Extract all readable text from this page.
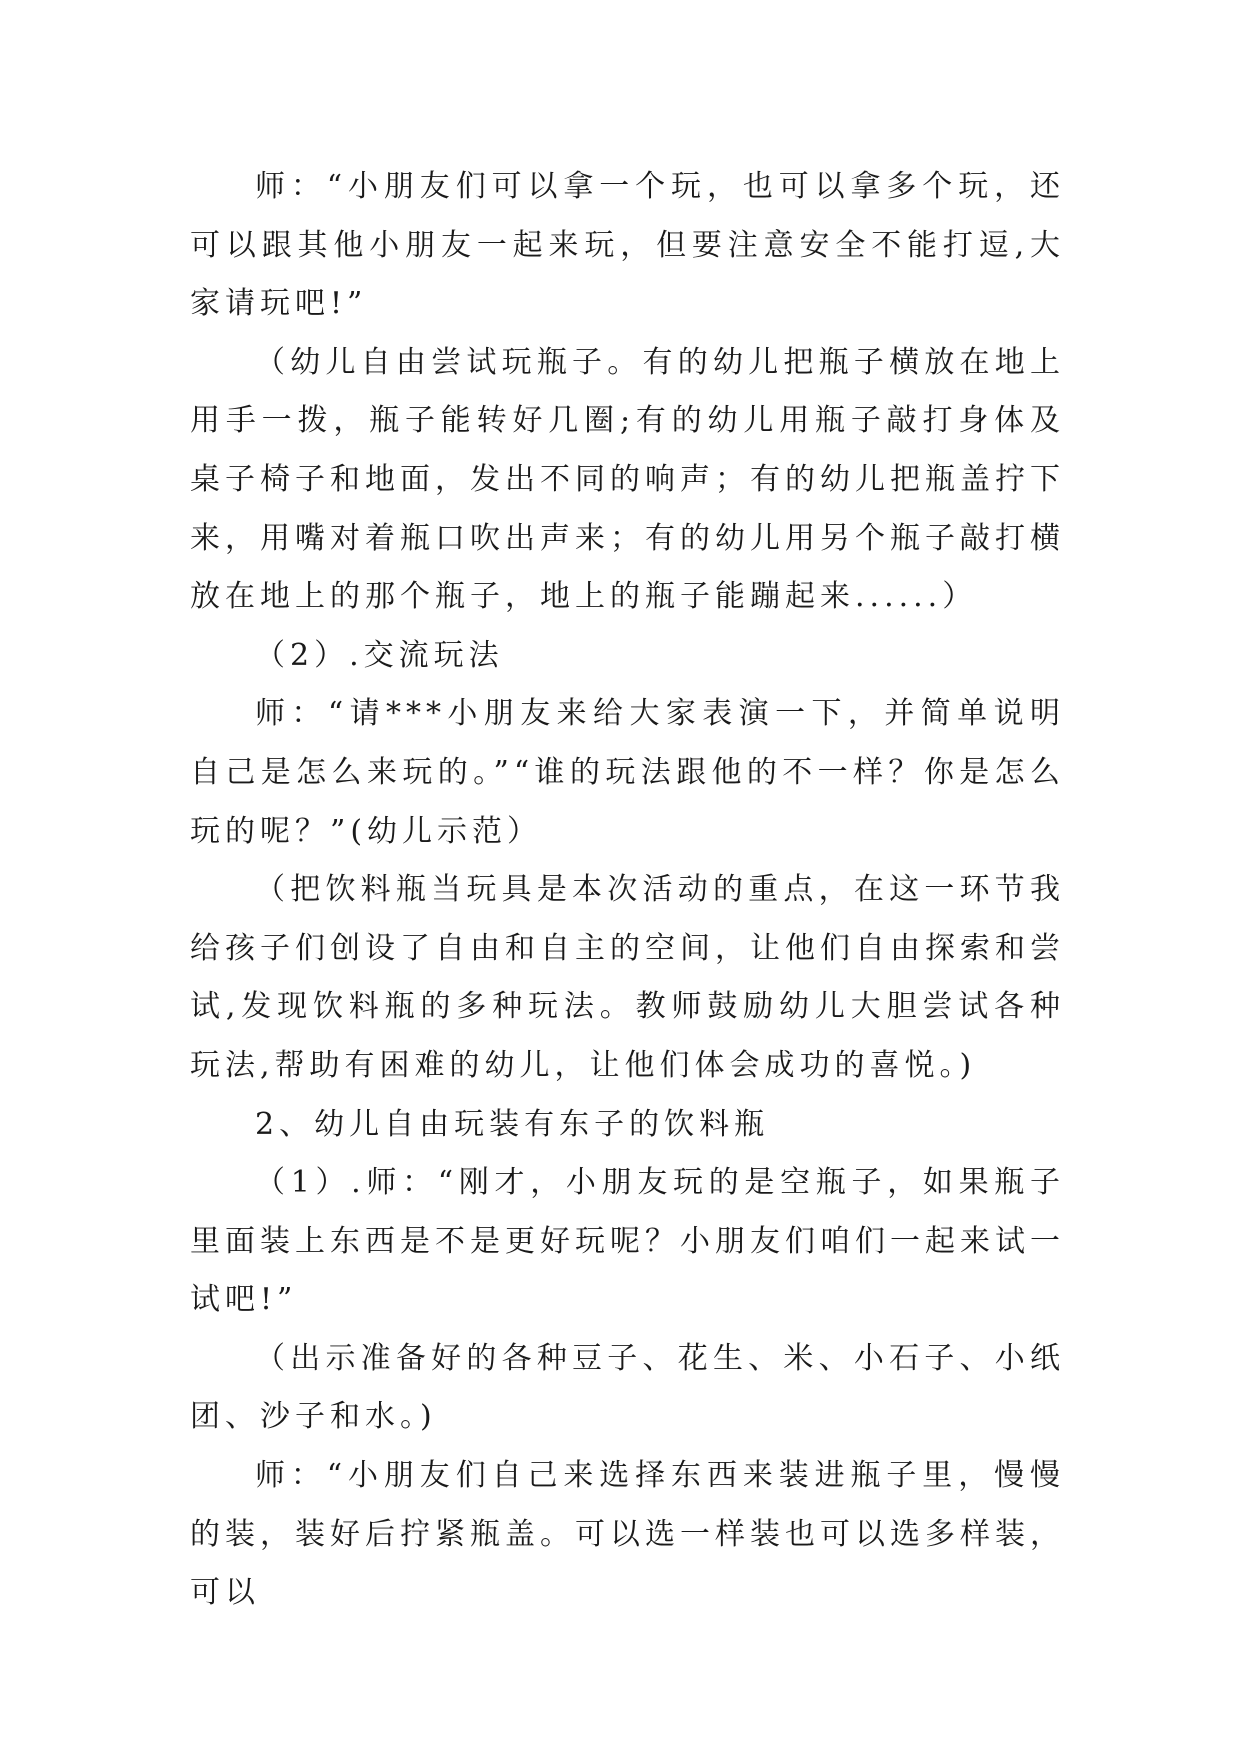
师：“小朋友们可以拿一个玩，也可以拿多个玩，还可以跟其他小朋友一起来玩，但要注意安全不能打逗,大家请玩吧!”

（幼儿自由尝试玩瓶子。有的幼儿把瓶子横放在地上用手一拨，瓶子能转好几圈;有的幼儿用瓶子敲打身体及桌子椅子和地面，发出不同的响声；有的幼儿把瓶盖拧下来，用嘴对着瓶口吹出声来；有的幼儿用另个瓶子敲打横放在地上的那个瓶子，地上的瓶子能蹦起来......）

（2）.交流玩法

师：“请***小朋友来给大家表演一下，并简单说明自己是怎么来玩的。”“谁的玩法跟他的不一样？你是怎么玩的呢？”(幼儿示范）

（把饮料瓶当玩具是本次活动的重点，在这一环节我给孩子们创设了自由和自主的空间，让他们自由探索和尝试,发现饮料瓶的多种玩法。教师鼓励幼儿大胆尝试各种玩法,帮助有困难的幼儿，让他们体会成功的喜悦。)

2、幼儿自由玩装有东子的饮料瓶

（1）.师：“刚才，小朋友玩的是空瓶子，如果瓶子里面装上东西是不是更好玩呢？小朋友们咱们一起来试一试吧!”

（出示准备好的各种豆子、花生、米、小石子、小纸团、沙子和水。)

师：“小朋友们自己来选择东西来装进瓶子里，慢慢的装，装好后拧紧瓶盖。可以选一样装也可以选多样装，可以
